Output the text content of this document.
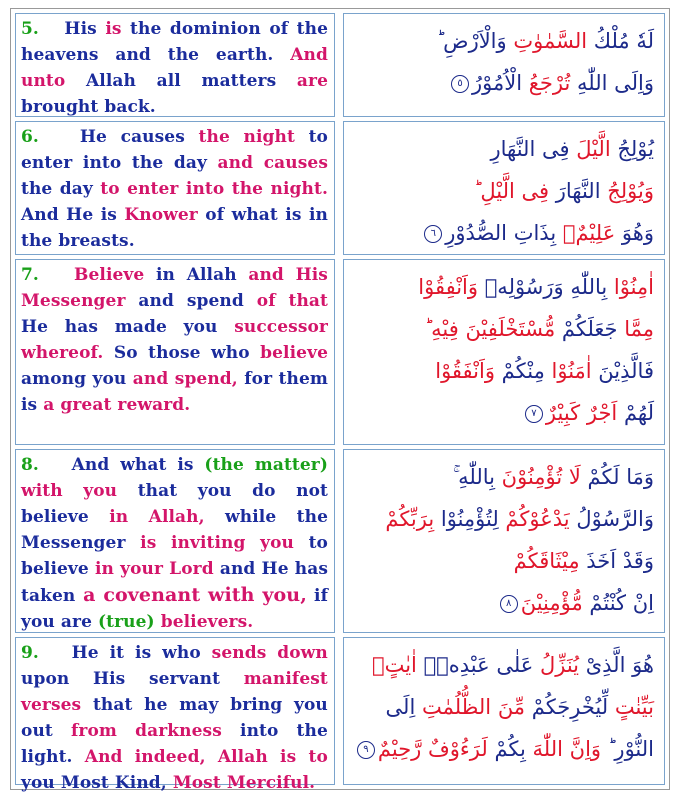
5. His is the dominion of the heavens and the earth. And unto Allah all matters are brought back.
لَهٗ مُلْكُ السَّمٰوٰتِ وَالْاَرْضِ ؕ
وَاِلَى اللّٰهِ تُرْجَعُ الْاُمُوْرُ٥
6. He causes the night to enter into the day and causes the day to enter into the night. And He is Knower of what is in the breasts.
يُوْلِجُ الَّيْلَ فِى النَّهَارِ
وَيُوْلِجُ النَّهَارَ فِى الَّيْلِ ؕ
وَهُوَ عَلِيْمٌۢ بِذَاتِ الصُّدُوْرِ٦
7. Believe in Allah and His Messenger and spend of that He has made you successor whereof. So those who believe among you and spend, for them is a great reward.
اٰمِنُوْا بِاللّٰهِ وَرَسُوْلِهٖ وَاَنْفِقُوْا
مِمَّا جَعَلَكُمْ مُّسْتَخْلَفِيْنَ فِيْهِ ؕ
فَالَّذِيْنَ اٰمَنُوْا مِنْكُمْ وَاَنْفَقُوْا
لَهُمْ اَجْرٌ كَبِيْرٌ٧
8. And what is (the matter) with you that you do not believe in Allah, while the Messenger is inviting you to believe in your Lord and He has taken a covenant with you, if you are (true) believers.
وَمَا لَكُمْ لَا تُؤْمِنُوْنَ بِاللّٰهِ ۚ
وَالرَّسُوْلُ يَدْعُوْكُمْ لِتُؤْمِنُوْا بِرَبِّكُمْ
وَقَدْ اَخَذَ مِيْثَاقَكُمْ
اِنْ كُنْتُمْ مُّؤْمِنِيْنَ٨
9. He it is who sends down upon His servant manifest verses that he may bring you out from darkness into the light. And indeed, Allah is to you Most Kind, Most Merciful.
هُوَ الَّذِىْ يُنَزِّلُ عَلٰى عَبْدِهٖۤ اٰيٰتٍۢ
بَيِّنٰتٍ لِّيُخْرِجَكُمْ مِّنَ الظُّلُمٰتِ اِلَى
النُّوْرِ ؕ وَاِنَّ اللّٰهَ بِكُمْ لَرَءُوْفٌ رَّحِيْمٌ٩
